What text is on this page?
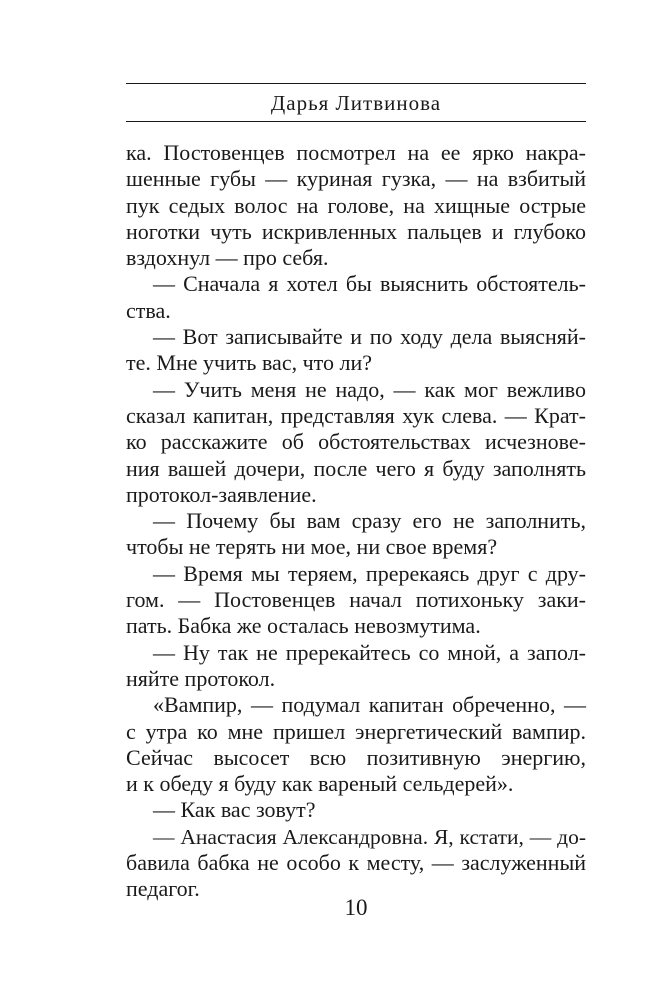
Дарья Литвинова
ка. Постовенцев посмотрел на ее ярко накра-
шенные губы — куриная гузка, — на взбитый
пук седых волос на голове, на хищные острые
ноготки чуть искривленных пальцев и глубоко
вздохнул — про себя.
— Сначала я хотел бы выяснить обстоятель-
ства.
— Вот записывайте и по ходу дела выясняй-
те. Мне учить вас, что ли?
— Учить меня не надо, — как мог вежливо
сказал капитан, представляя хук слева. — Крат-
ко расскажите об обстоятельствах исчезнове-
ния вашей дочери, после чего я буду заполнять
протокол-заявление.
— Почему бы вам сразу его не заполнить,
чтобы не терять ни мое, ни свое время?
— Время мы теряем, пререкаясь друг с дру-
гом. — Постовенцев начал потихоньку заки-
пать. Бабка же осталась невозмутима.
— Ну так не пререкайтесь со мной, а запол-
няйте протокол.
«Вампир, — подумал капитан обреченно, —
с утра ко мне пришел энергетический вампир.
Сейчас высосет всю позитивную энергию,
и к обеду я буду как вареный сельдерей».
— Как вас зовут?
— Анастасия Александровна. Я, кстати, — до-
бавила бабка не особо к месту, — заслуженный
педагог.
10
